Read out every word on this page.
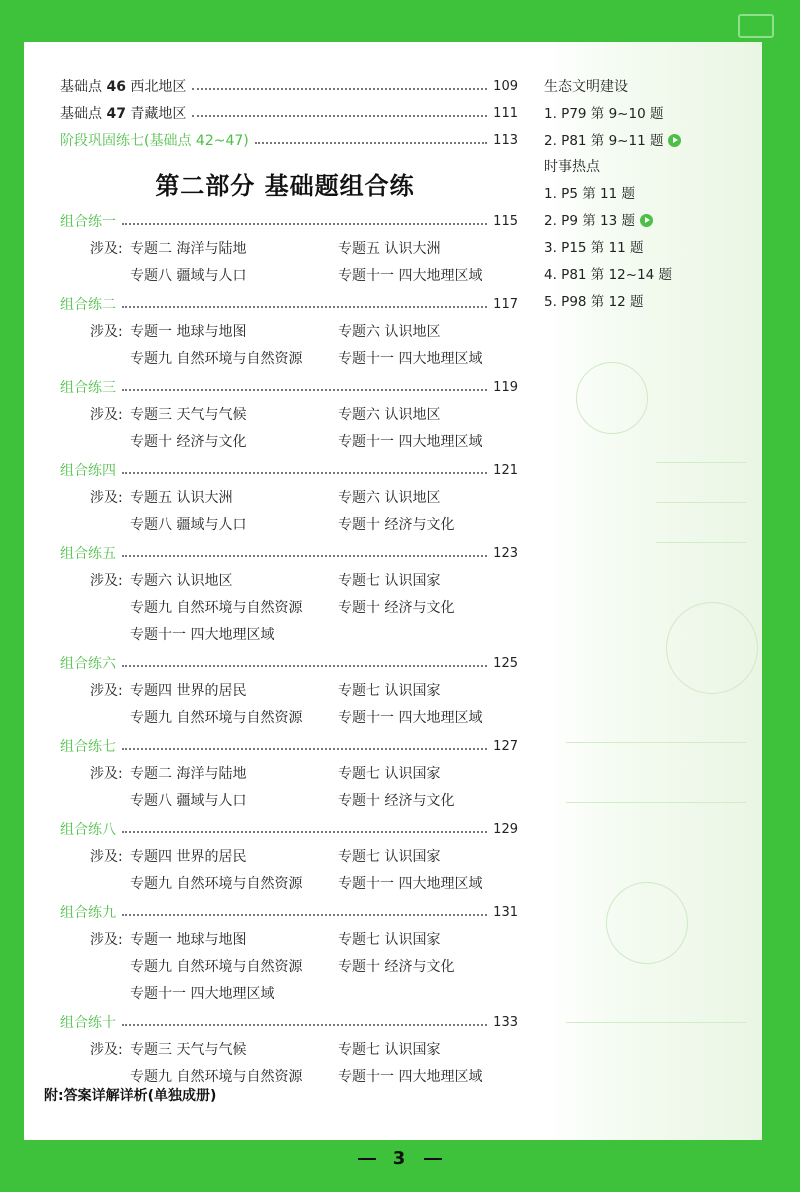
基础点 46 西北地区	109
基础点 47 青藏地区	111
阶段巩固练七(基础点 42~47)	113
第二部分 基础题组合练
组合练一	115
涉及: 专题二 海洋与陆地	专题五 认识大洲
专题八 疆域与人口	专题十一 四大地理区域
组合练二	117
涉及: 专题一 地球与地图	专题六 认识地区
专题九 自然环境与自然资源	专题十一 四大地理区域
组合练三	119
涉及: 专题三 天气与气候	专题六 认识地区
专题十 经济与文化	专题十一 四大地理区域
组合练四	121
涉及: 专题五 认识大洲	专题六 认识地区
专题八 疆域与人口	专题十 经济与文化
组合练五	123
涉及: 专题六 认识地区	专题七 认识国家
专题九 自然环境与自然资源	专题十 经济与文化
专题十一 四大地理区域
组合练六	125
涉及: 专题四 世界的居民	专题七 认识国家
专题九 自然环境与自然资源	专题十一 四大地理区域
组合练七	127
涉及: 专题二 海洋与陆地	专题七 认识国家
专题八 疆域与人口	专题十 经济与文化
组合练八	129
涉及: 专题四 世界的居民	专题七 认识国家
专题九 自然环境与自然资源	专题十一 四大地理区域
组合练九	131
涉及: 专题一 地球与地图	专题七 认识国家
专题九 自然环境与自然资源	专题十 经济与文化
专题十一 四大地理区域
组合练十	133
涉及: 专题三 天气与气候	专题七 认识国家
专题九 自然环境与自然资源	专题十一 四大地理区域
附:答案详解详析(单独成册)
生态文明建设
1. P79 第 9~10 题
2. P81 第 9~11 题
时事热点
1. P5 第 11 题
2. P9 第 13 题
3. P15 第 11 题
4. P81 第 12~14 题
5. P98 第 12 题
3
